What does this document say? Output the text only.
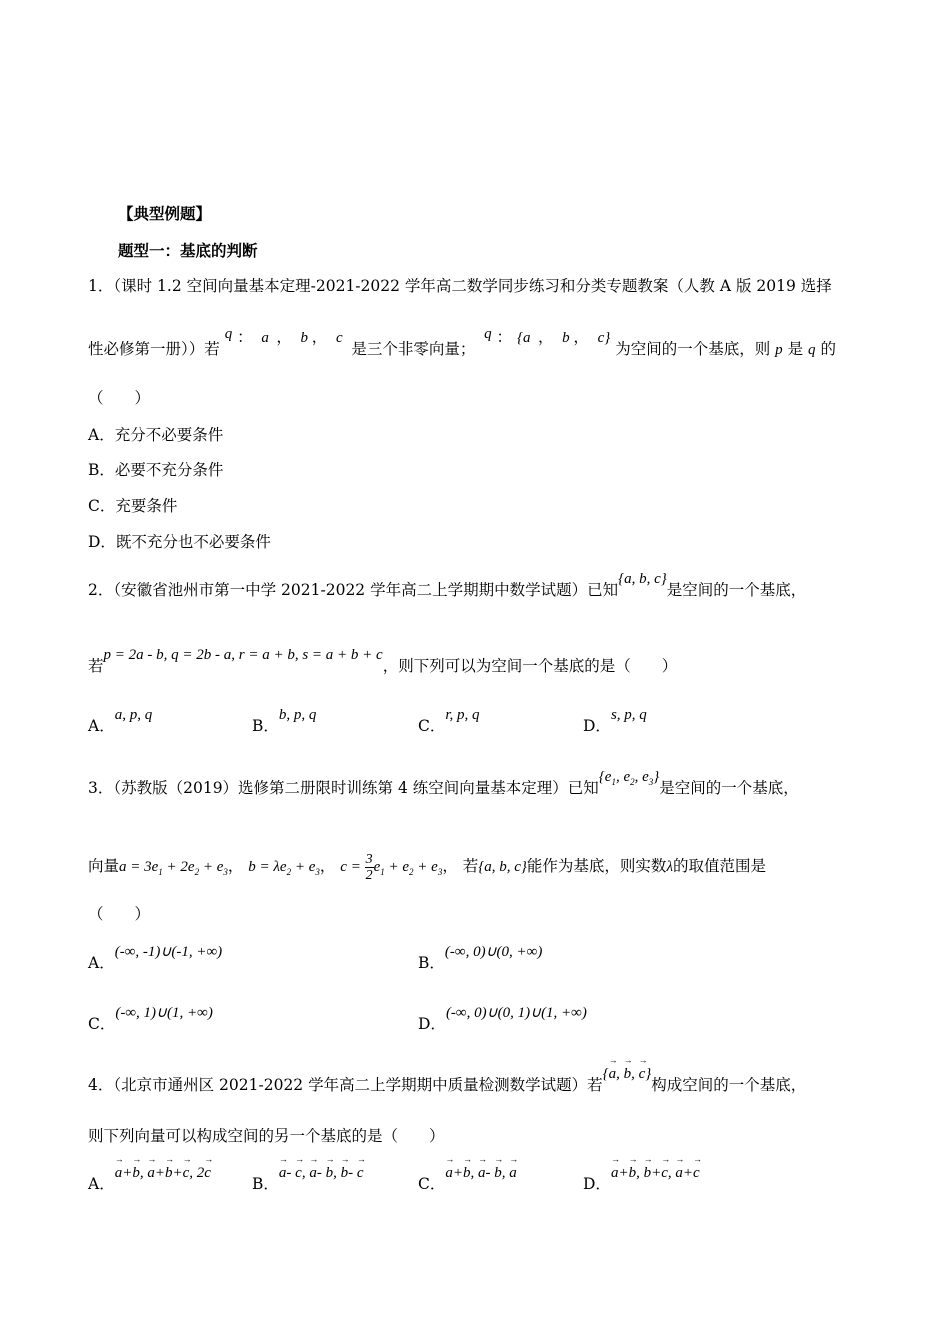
【典型例题】
题型一：基底的判断
1．（课时 1.2 空间向量基本定理-2021-2022 学年高二数学同步练习和分类专题教案（人教 A 版 2019 选择
性必修第一册））若 q ：  a  ，  b ，  c  是三个非零向量；  q ： {a  ，  b ，  c} 为空间的一个基底，则 p 是 q 的
（　　）
A．充分不必要条件
B．必要不充分条件
C．充要条件
D．既不充分也不必要条件
2．（安徽省池州市第一中学 2021-2022 学年高二上学期期中数学试题）已知{a, b, c}是空间的一个基底，
若p = 2a - b, q = 2b - a, r = a + b, s = a + b + c，则下列可以为空间一个基底的是（　　）
A．a, p, q
B．b, p, q
C．r, p, q
D．s, p, q
3．（苏教版（2019）选修第二册限时训练第 4 练空间向量基本定理）已知{$e_1$, $e_2$, $e_3$}是空间的一个基底，
向量$a = 3e_1 + 2e_2 + e_3$， $b = \lambda e_2 + e_3$， $c = \frac{3}{2} e_1 + e_2 + e_3$， 若{a, b, c}能作为基底，则实数λ的取值范围是
（　　）
A．(-∞, -1)∪(-1, +∞)
B．(-∞, 0)∪(0, +∞)
C．(-∞, 1)∪(1, +∞)
D．(-∞, 0)∪(0, 1)∪(1, +∞)
4．（北京市通州区 2021-2022 学年高二上学期期中质量检测数学试题）若{→ a, → b, → c}构成空间的一个基底，
则下列向量可以构成空间的另一个基底的是（　　）
A．→ a+→ b, → a+→ b+→ c, 2→ c
B．→ a- → c, → a- → b, → b- → c
C．→ a+→ b, → a- → b, → a
D．→ a+→ b, → b+→ c, → a+→ c
